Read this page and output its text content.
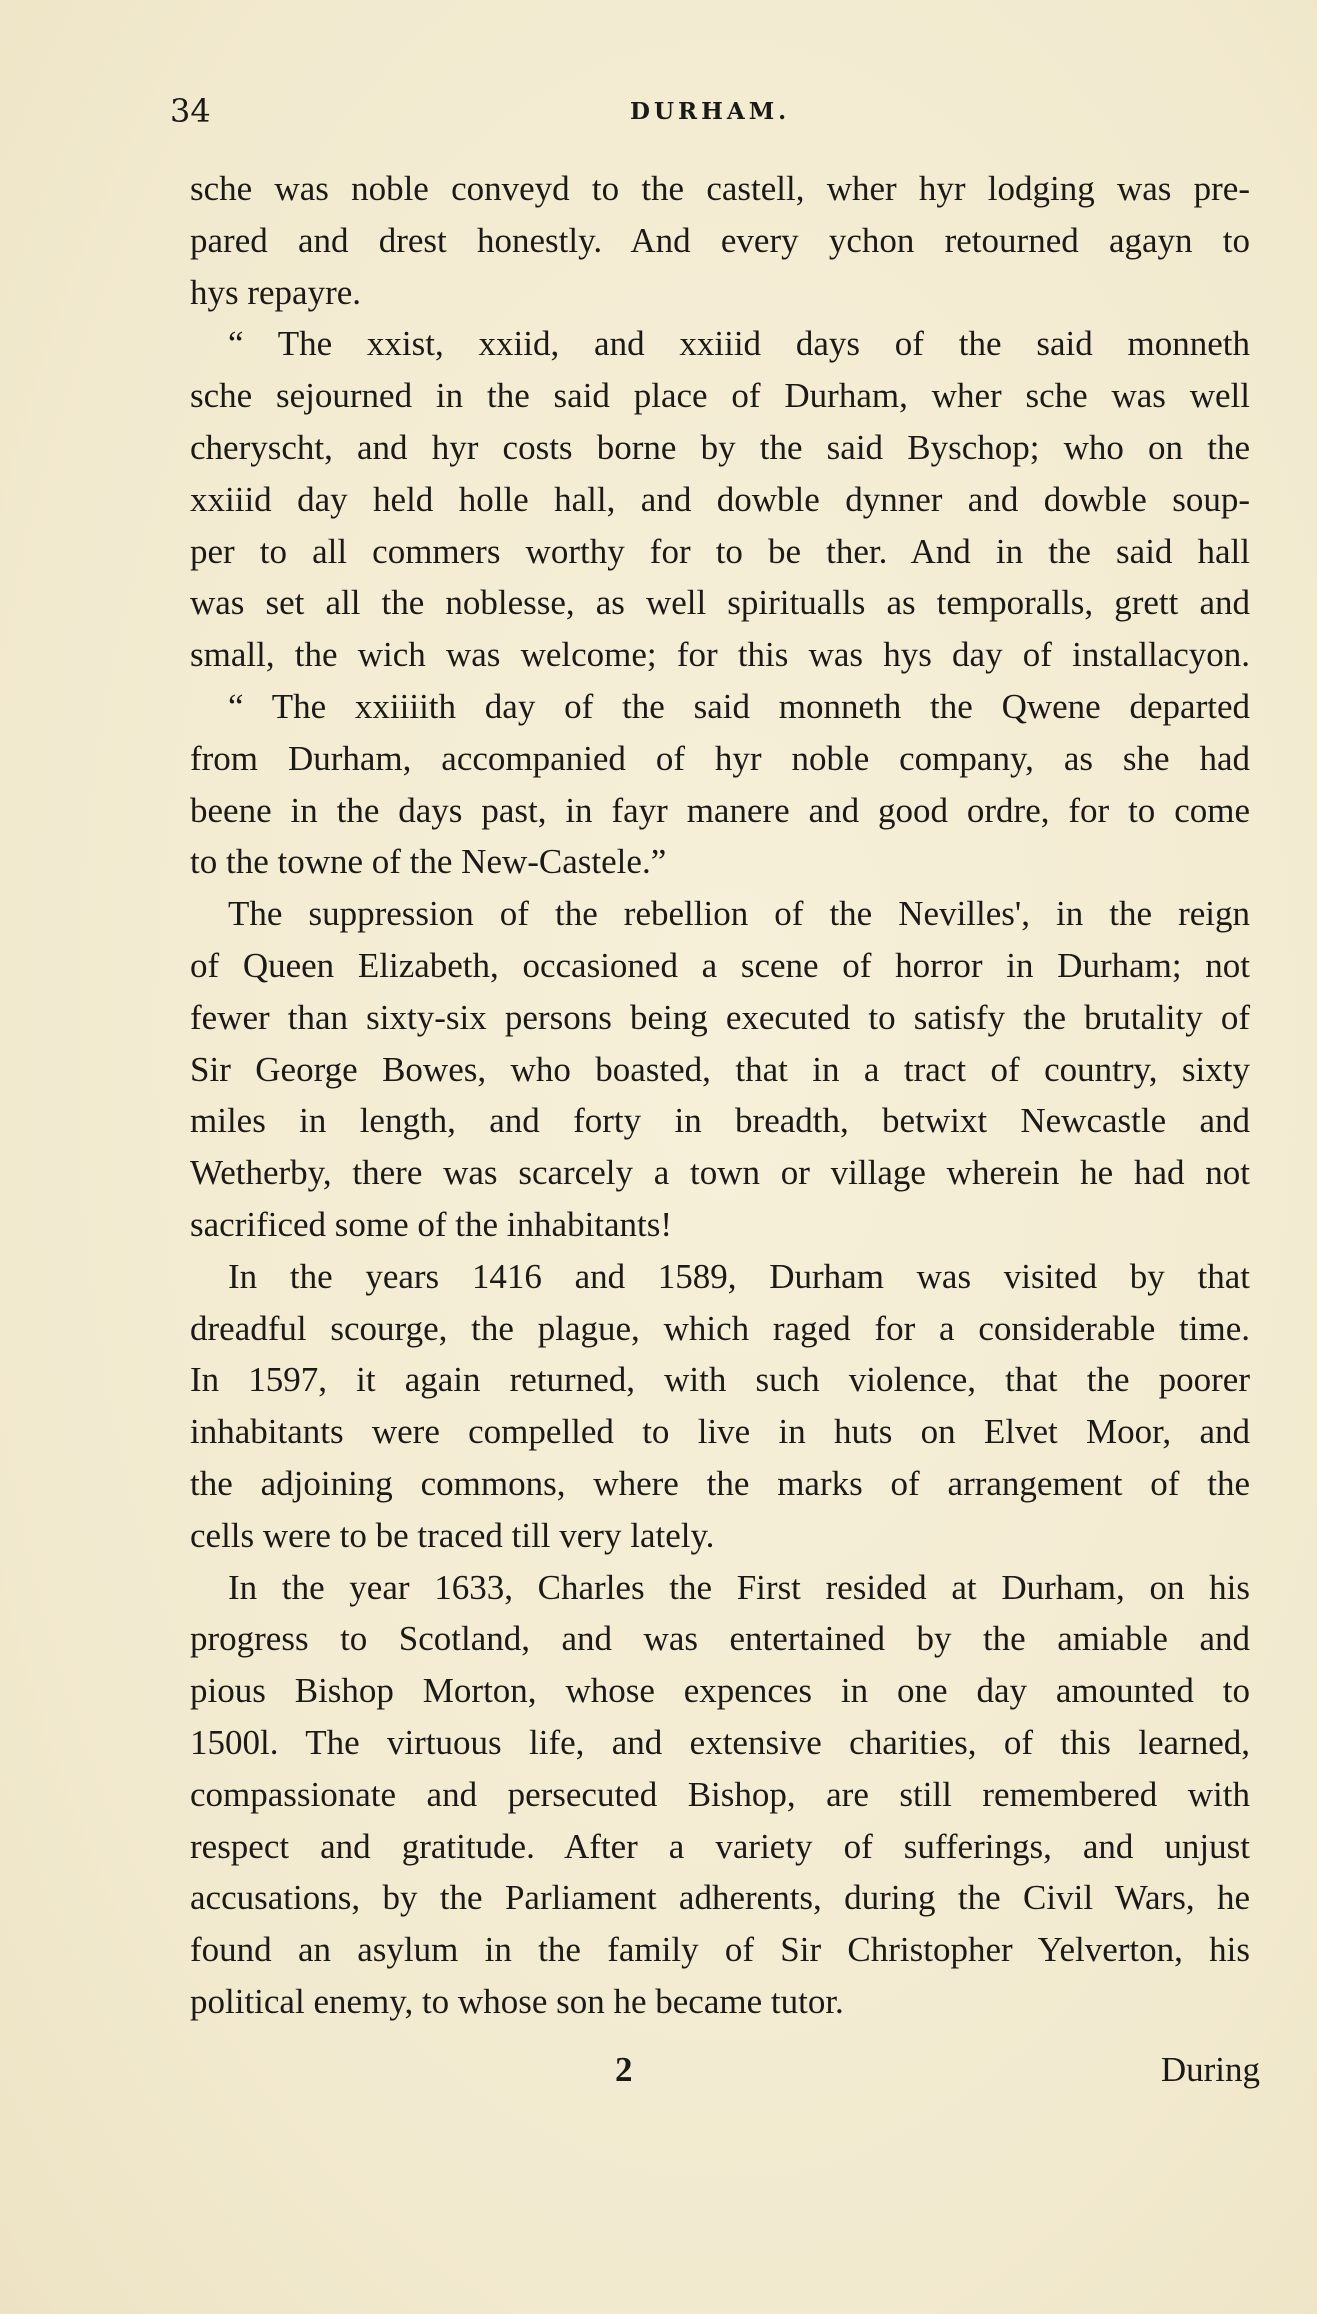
34	DURHAM.
sche was noble conveyd to the castell, wher hyr lodging was pre-
pared and drest honestly. And every ychon retourned agayn to
hys repayre.
“ The xxist, xxiid, and xxiiid days of the said monneth
sche sejourned in the said place of Durham, wher sche was well
cheryscht, and hyr costs borne by the said Byschop; who on the
xxiiid day held holle hall, and dowble dynner and dowble soup-
per to all commers worthy for to be ther. And in the said hall
was set all the noblesse, as well spiritualls as temporalls, grett and
small, the wich was welcome; for this was hys day of installacyon.
“ The xxiiiith day of the said monneth the Qwene departed
from Durham, accompanied of hyr noble company, as she had
beene in the days past, in fayr manere and good ordre, for to come
to the towne of the New-Castele.”
The suppression of the rebellion of the Nevilles', in the reign
of Queen Elizabeth, occasioned a scene of horror in Durham; not
fewer than sixty-six persons being executed to satisfy the brutality of
Sir George Bowes, who boasted, that in a tract of country, sixty
miles in length, and forty in breadth, betwixt Newcastle and
Wetherby, there was scarcely a town or village wherein he had not
sacrificed some of the inhabitants!
In the years 1416 and 1589, Durham was visited by that
dreadful scourge, the plague, which raged for a considerable time.
In 1597, it again returned, with such violence, that the poorer
inhabitants were compelled to live in huts on Elvet Moor, and
the adjoining commons, where the marks of arrangement of the
cells were to be traced till very lately.
In the year 1633, Charles the First resided at Durham, on his
progress to Scotland, and was entertained by the amiable and
pious Bishop Morton, whose expences in one day amounted to
1500l. The virtuous life, and extensive charities, of this learned,
compassionate and persecuted Bishop, are still remembered with
respect and gratitude. After a variety of sufferings, and unjust
accusations, by the Parliament adherents, during the Civil Wars, he
found an asylum in the family of Sir Christopher Yelverton, his
political enemy, to whose son he became tutor.
2	During
